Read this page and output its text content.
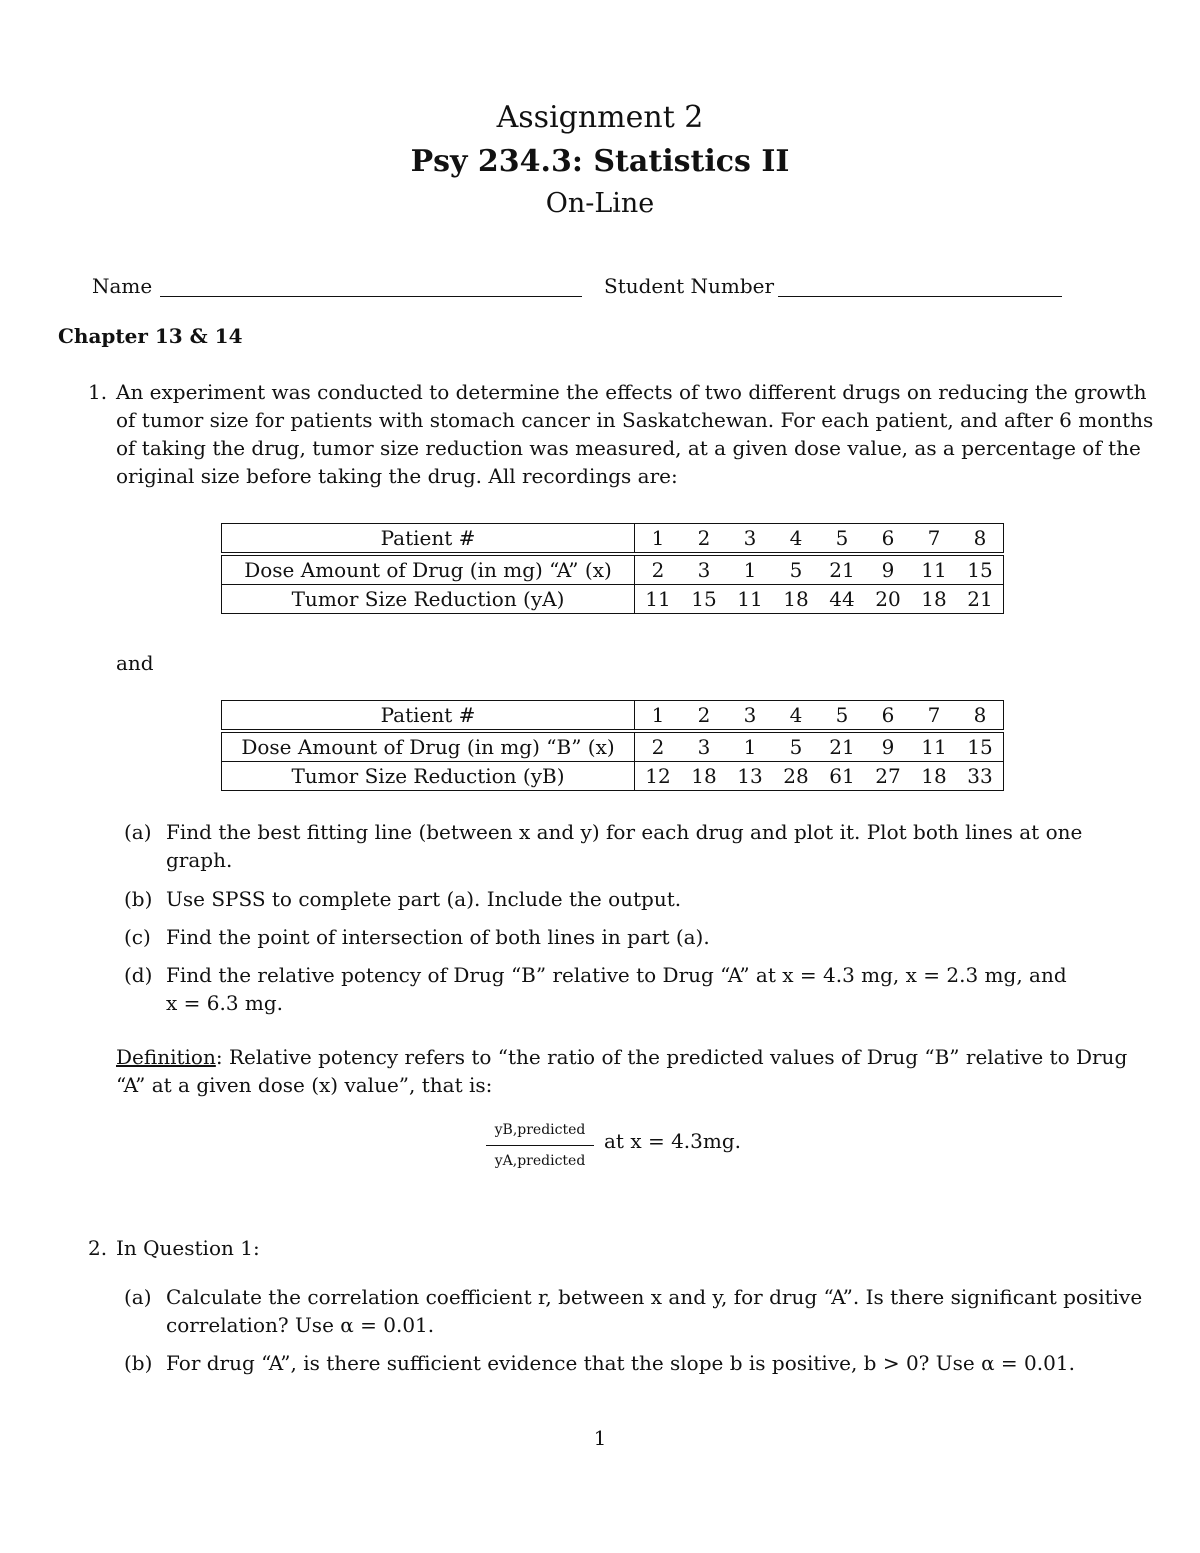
Assignment 2
Psy 234.3: Statistics II
On-Line
Name	Student Number
Chapter 13 & 14
1. An experiment was conducted to determine the effects of two different drugs on reducing the growth
of tumor size for patients with stomach cancer in Saskatchewan. For each patient, and after 6 months
of taking the drug, tumor size reduction was measured, at a given dose value, as a percentage of the
original size before taking the drug. All recordings are:
Patient #	1	2	3	4	5	6	7	8
Dose Amount of Drug (in mg) “A” (x)	2	3	1	5	21	9	11	15
Tumor Size Reduction (yA)	11	15	11	18	44	20	18	21
and
Patient #	1	2	3	4	5	6	7	8
Dose Amount of Drug (in mg) “B” (x)	2	3	1	5	21	9	11	15
Tumor Size Reduction (yB)	12	18	13	28	61	27	18	33
(a) Find the best fitting line (between x and y) for each drug and plot it. Plot both lines at one
graph.
(b) Use SPSS to complete part (a). Include the output.
(c) Find the point of intersection of both lines in part (a).
(d) Find the relative potency of Drug “B” relative to Drug “A” at x = 4.3 mg, x = 2.3 mg, and
x = 6.3 mg.
Definition: Relative potency refers to “the ratio of the predicted values of Drug “B” relative to Drug
“A” at a given dose (x) value”, that is:
yB,predicted
yA,predicted
at x = 4.3mg.
2. In Question 1:
(a) Calculate the correlation coefficient r, between x and y, for drug “A”. Is there significant positive
correlation? Use α = 0.01.
(b) For drug “A”, is there sufficient evidence that the slope b is positive, b > 0? Use α = 0.01.
1
